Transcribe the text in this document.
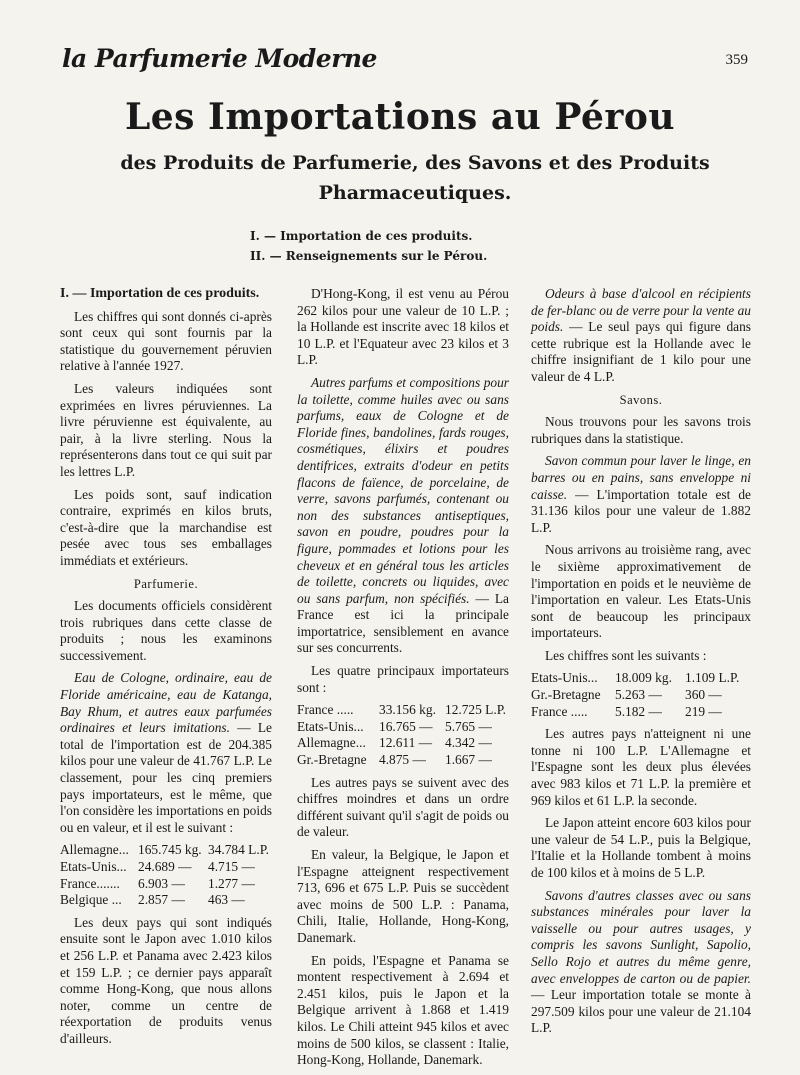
la Parfumerie Moderne	359
Les Importations au Pérou
des Produits de Parfumerie, des Savons et des Produits Pharmaceutiques.
I. — Importation de ces produits.
II. — Renseignements sur le Pérou.
I. — Importation de ces produits.

Les chiffres qui sont donnés ci-après sont ceux qui sont fournis par la statistique du gouvernement péruvien relative à l'année 1927.

Les valeurs indiquées sont exprimées en livres péruviennes. La livre péruvienne est équivalente, au pair, à la livre sterling. Nous la représenterons dans tout ce qui suit par les lettres L.P.

Les poids sont, sauf indication contraire, exprimés en kilos bruts, c'est-à-dire que la marchandise est pesée avec tous ses emballages immédiats et extérieurs.

Parfumerie.

Les documents officiels considèrent trois rubriques dans cette classe de produits ; nous les examinons successivement.

Eau de Cologne, ordinaire, eau de Floride américaine, eau de Katanga, Bay Rhum, et autres eaux parfumées ordinaires et leurs imitations. — Le total de l'importation est de 204.385 kilos pour une valeur de 41.767 L.P. Le classement, pour les cinq premiers pays importateurs, est le même, que l'on considère les importations en poids ou en valeur, et il est le suivant :

Allemagne... 165.745 kg. 34.784 L.P.
Etats-Unis... 24.689 —	4.715 —
France.......	6.903 —	1.277 —
Belgique ...	2.857 —	463 —

Les deux pays qui sont indiqués ensuite sont le Japon avec 1.010 kilos et 256 L.P. et Panama avec 2.423 kilos et 159 L.P. ; ce dernier pays apparaît comme Hong-Kong, que nous allons noter, comme un centre de réexportation de produits venus d'ailleurs.

D'Hong-Kong, il est venu au Pérou 262 kilos pour une valeur de 10 L.P. ; la Hollande est inscrite avec 18 kilos et 10 L.P. et l'Equateur avec 23 kilos et 3 L.P.

Autres parfums et compositions pour la toilette, comme huiles avec ou sans parfums, eaux de Cologne et de Floride fines, bandolines, fards rouges, cosmétiques, élixirs et poudres dentifrices, extraits d'odeur en petits flacons de faïence, de porcelaine, de verre, savons parfumés, contenant ou non des substances antiseptiques, savon en poudre, poudres pour la figure, pommades et lotions pour les cheveux et en général tous les articles de toilette, concrets ou liquides, avec ou sans parfum, non spécifiés. — La France est ici la principale importatrice, sensiblement en avance sur ses concurrents.

Les quatre principaux importateurs sont :

France .....	33.156 kg. 12.725 L.P.
Etats-Unis...	16.765 — 5.765 —
Allemagne... 12.611 — 4.342 —
Gr.-Bretagne 4.875 —	1.667 —

Les autres pays se suivent avec des chiffres moindres et dans un ordre différent suivant qu'il s'agit de poids ou de valeur.

En valeur, la Belgique, le Japon et l'Espagne atteignent respectivement 713, 696 et 675 L.P. Puis se succèdent avec moins de 500 L.P. : Panama, Chili, Italie, Hollande, Hong-Kong, Danemark.

En poids, l'Espagne et Panama se montent respectivement à 2.694 et 2.451 kilos, puis le Japon et la Belgique arrivent à 1.868 et 1.419 kilos. Le Chili atteint 945 kilos et avec moins de 500 kilos, se classent : Italie, Hong-Kong, Hollande, Danemark.

Odeurs à base d'alcool en récipients de fer-blanc ou de verre pour la vente au poids. — Le seul pays qui figure dans cette rubrique est la Hollande avec le chiffre insignifiant de 1 kilo pour une valeur de 4 L.P.

Savons.

Nous trouvons pour les savons trois rubriques dans la statistique.

Savon commun pour laver le linge, en barres ou en pains, sans enveloppe ni caisse. — L'importation totale est de 31.136 kilos pour une valeur de 1.882 L.P.

Nous arrivons au troisième rang, avec le sixième approximativement de l'importation en poids et le neuvième de l'importation en valeur. Les Etats-Unis sont de beaucoup les principaux importateurs.

Les chiffres sont les suivants :

Etats-Unis...	18.009 kg. 1.109 L.P.
Gr.-Bretagne	5.263 —	360 —
France .....	5.182 —	219 —

Les autres pays n'atteignent ni une tonne ni 100 L.P. L'Allemagne et l'Espagne sont les deux plus élevées avec 983 kilos et 71 L.P. la première et 969 kilos et 61 L.P. la seconde.

Le Japon atteint encore 603 kilos pour une valeur de 54 L.P., puis la Belgique, l'Italie et la Hollande tombent à moins de 100 kilos et à moins de 5 L.P.

Savons d'autres classes avec ou sans substances minérales pour laver la vaisselle ou pour autres usages, y compris les savons Sunlight, Sapolio, Sello Rojo et autres du même genre, avec enveloppes de carton ou de papier. — Leur importation totale se monte à 297.509 kilos pour une valeur de 21.104 L.P.
